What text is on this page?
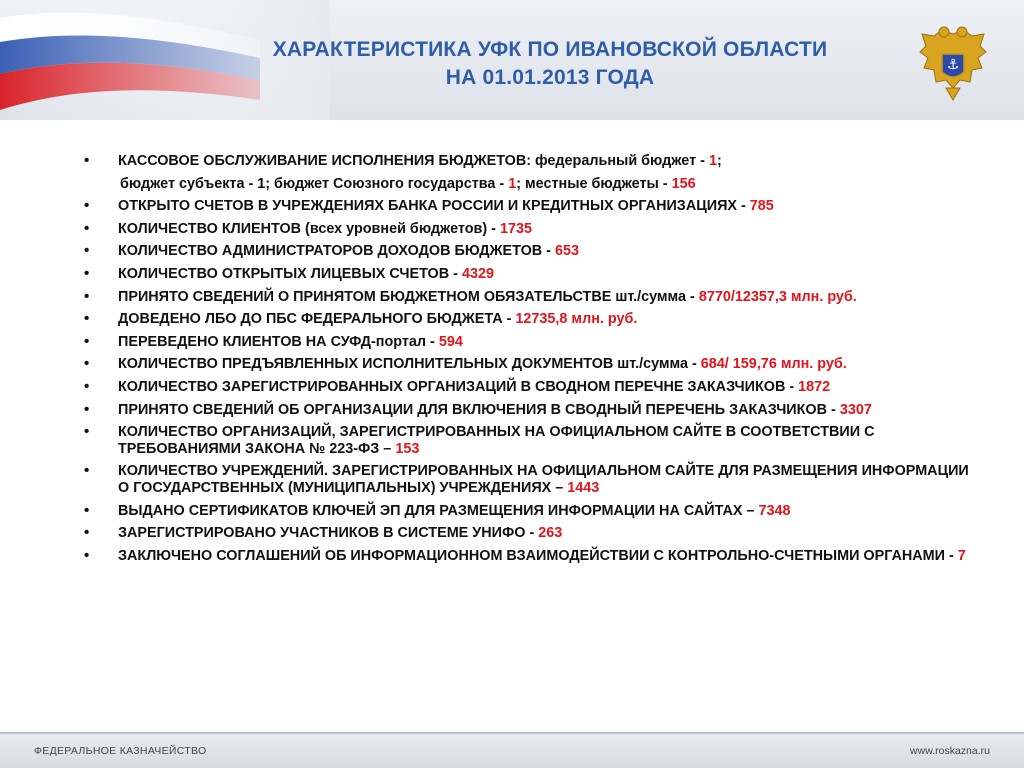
ХАРАКТЕРИСТИКА УФК ПО ИВАНОВСКОЙ ОБЛАСТИ
НА 01.01.2013 ГОДА
⚓
• КАССОВОЕ ОБСЛУЖИВАНИЕ ИСПОЛНЕНИЯ БЮДЖЕТОВ: федеральный бюджет - 1;
бюджет субъекта - 1; бюджет Союзного государства - 1; местные бюджеты - 156
• ОТКРЫТО СЧЕТОВ В УЧРЕЖДЕНИЯХ БАНКА РОССИИ И КРЕДИТНЫХ ОРГАНИЗАЦИЯХ - 785
• КОЛИЧЕСТВО КЛИЕНТОВ (всех уровней бюджетов) - 1735
• КОЛИЧЕСТВО АДМИНИСТРАТОРОВ ДОХОДОВ БЮДЖЕТОВ - 653
• КОЛИЧЕСТВО ОТКРЫТЫХ ЛИЦЕВЫХ СЧЕТОВ - 4329
• ПРИНЯТО СВЕДЕНИЙ О ПРИНЯТОМ БЮДЖЕТНОМ ОБЯЗАТЕЛЬСТВЕ шт./сумма - 8770/12357,3 млн. руб.
• ДОВЕДЕНО ЛБО ДО ПБС ФЕДЕРАЛЬНОГО БЮДЖЕТА - 12735,8 млн. руб.
• ПЕРЕВЕДЕНО КЛИЕНТОВ НА СУФД-портал - 594
• КОЛИЧЕСТВО ПРЕДЪЯВЛЕННЫХ ИСПОЛНИТЕЛЬНЫХ ДОКУМЕНТОВ шт./сумма - 684/ 159,76 млн. руб.
• КОЛИЧЕСТВО ЗАРЕГИСТРИРОВАННЫХ ОРГАНИЗАЦИЙ В СВОДНОМ ПЕРЕЧНЕ ЗАКАЗЧИКОВ - 1872
• ПРИНЯТО СВЕДЕНИЙ ОБ ОРГАНИЗАЦИИ ДЛЯ ВКЛЮЧЕНИЯ В СВОДНЫЙ ПЕРЕЧЕНЬ ЗАКАЗЧИКОВ - 3307
• КОЛИЧЕСТВО ОРГАНИЗАЦИЙ, ЗАРЕГИСТРИРОВАННЫХ НА ОФИЦИАЛЬНОМ САЙТЕ В СООТВЕТСТВИИ С ТРЕБОВАНИЯМИ ЗАКОНА № 223-ФЗ – 153
• КОЛИЧЕСТВО УЧРЕЖДЕНИЙ. ЗАРЕГИСТРИРОВАННЫХ НА ОФИЦИАЛЬНОМ САЙТЕ ДЛЯ РАЗМЕЩЕНИЯ ИНФОРМАЦИИ О ГОСУДАРСТВЕННЫХ (МУНИЦИПАЛЬНЫХ) УЧРЕЖДЕНИЯХ – 1443
• ВЫДАНО СЕРТИФИКАТОВ КЛЮЧЕЙ ЭП ДЛЯ РАЗМЕЩЕНИЯ ИНФОРМАЦИИ НА САЙТАХ – 7348
• ЗАРЕГИСТРИРОВАНО УЧАСТНИКОВ В СИСТЕМЕ УНИФО - 263
• ЗАКЛЮЧЕНО СОГЛАШЕНИЙ ОБ ИНФОРМАЦИОННОМ ВЗАИМОДЕЙСТВИИ С КОНТРОЛЬНО-СЧЕТНЫМИ ОРГАНАМИ - 7
ФЕДЕРАЛЬНОЕ КАЗНАЧЕЙСТВО	www.roskazna.ru
